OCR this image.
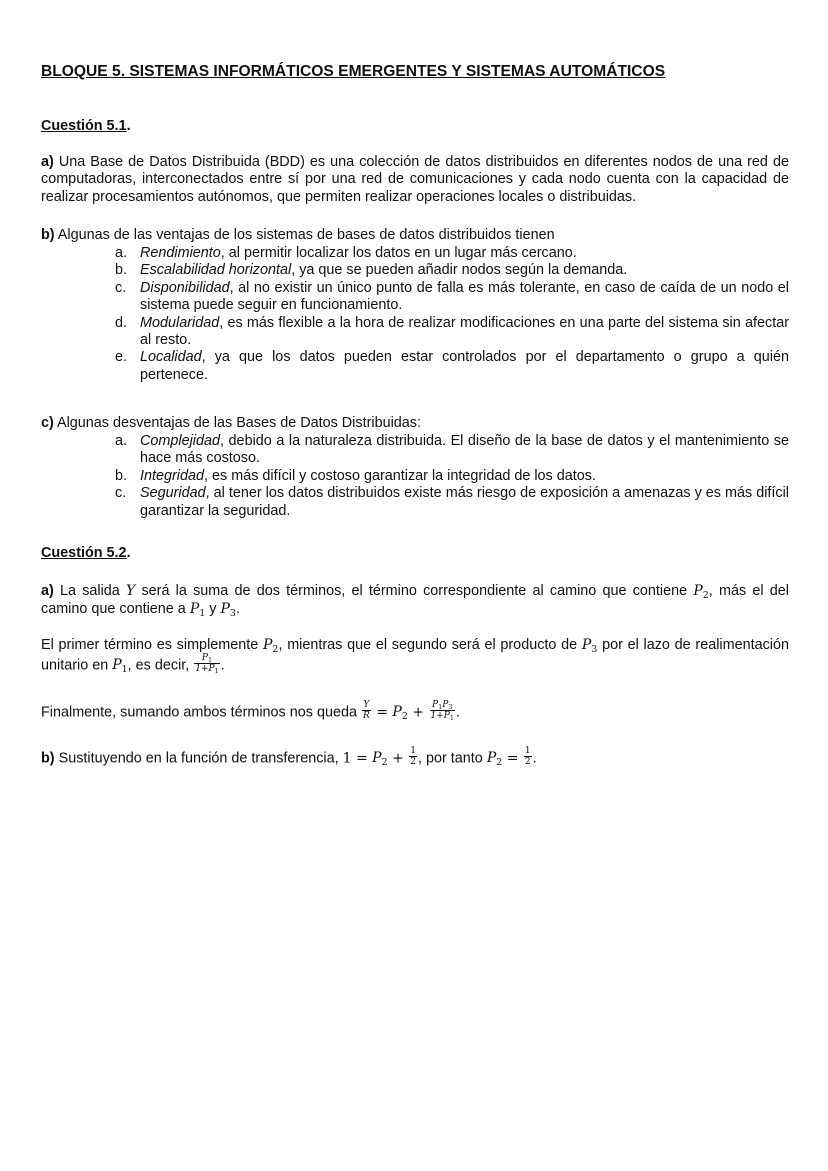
BLOQUE 5. SISTEMAS INFORMÁTICOS EMERGENTES Y SISTEMAS AUTOMÁTICOS
Cuestión 5.1.
a) Una Base de Datos Distribuida (BDD) es una colección de datos distribuidos en diferentes nodos de una red de computadoras, interconectados entre sí por una red de comunicaciones y cada nodo cuenta con la capacidad de realizar procesamientos autónomos, que permiten realizar operaciones locales o distribuidas.
b) Algunas de las ventajas de los sistemas de bases de datos distribuidos tienen
a. Rendimiento, al permitir localizar los datos en un lugar más cercano.
b. Escalabilidad horizontal, ya que se pueden añadir nodos según la demanda.
c. Disponibilidad, al no existir un único punto de falla es más tolerante, en caso de caída de un nodo el sistema puede seguir en funcionamiento.
d. Modularidad, es más flexible a la hora de realizar modificaciones en una parte del sistema sin afectar al resto.
e. Localidad, ya que los datos pueden estar controlados por el departamento o grupo a quién pertenece.
c) Algunas desventajas de las Bases de Datos Distribuidas:
a. Complejidad, debido a la naturaleza distribuida. El diseño de la base de datos y el mantenimiento se hace más costoso.
b. Integridad, es más difícil y costoso garantizar la integridad de los datos.
c. Seguridad, al tener los datos distribuidos existe más riesgo de exposición a amenazas y es más difícil garantizar la seguridad.
Cuestión 5.2.
a) La salida Y será la suma de dos términos, el término correspondiente al camino que contiene $P_2$, más el del camino que contiene a $P_1$ y $P_3$.
El primer término es simplemente $P_2$, mientras que el segundo será el producto de $P_3$ por el lazo de realimentación unitario en $P_1$, es decir, $\frac{P_1}{1+P_1}$ .
Finalmente, sumando ambos términos nos queda $\frac{Y}{R} = P_2 + \frac{P_1P_3}{1+P_1}$ .
b) Sustituyendo en la función de transferencia, $1 = P_2 + \frac{1}{2}$ , por tanto $P_2 = \frac{1}{2}$ .
